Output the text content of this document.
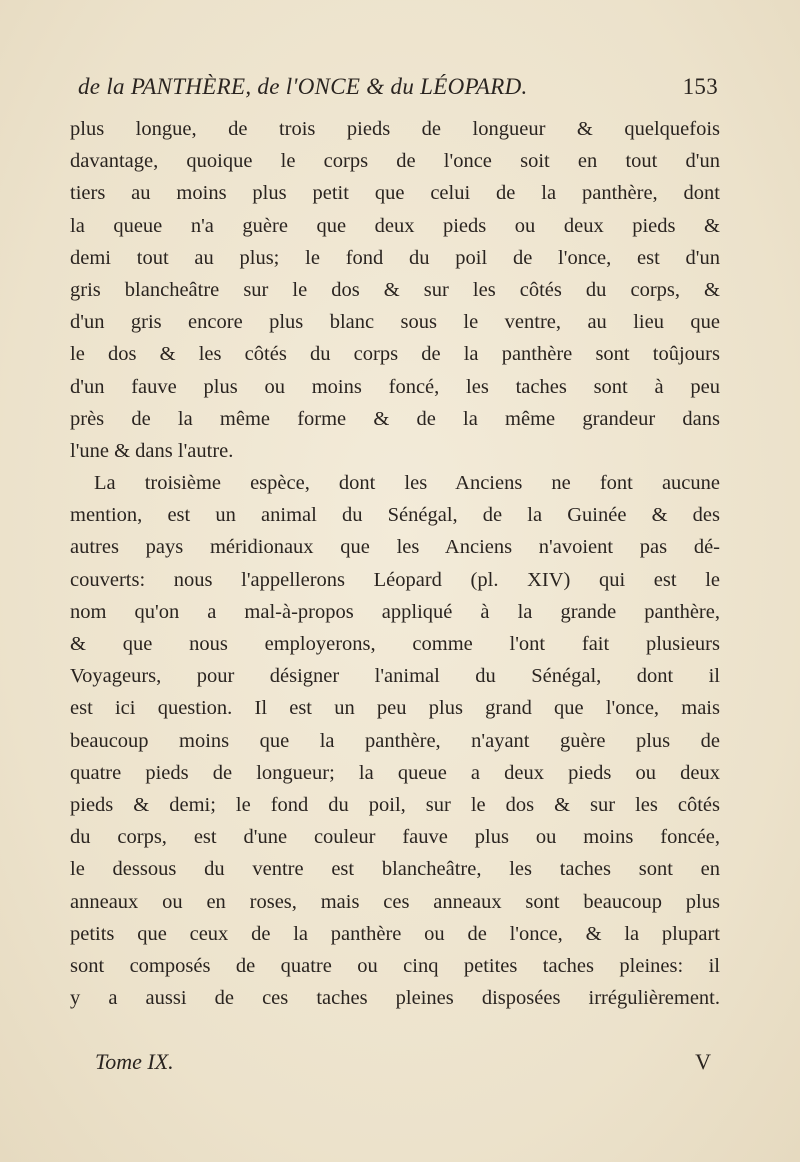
de la PANTHÈRE, de l'ONCE & du LÉOPARD.	153
plus longue, de trois pieds de longueur & quelquefois
davantage, quoique le corps de l'once soit en tout d'un
tiers au moins plus petit que celui de la panthère, dont
la queue n'a guère que deux pieds ou deux pieds &
demi tout au plus; le fond du poil de l'once, est d'un
gris blancheâtre sur le dos & sur les côtés du corps, &
d'un gris encore plus blanc sous le ventre, au lieu que
le dos & les côtés du corps de la panthère sont toûjours
d'un fauve plus ou moins foncé, les taches sont à peu
près de la même forme & de la même grandeur dans
l'une & dans l'autre.
La troisième espèce, dont les Anciens ne font aucune
mention, est un animal du Sénégal, de la Guinée & des
autres pays méridionaux que les Anciens n'avoient pas dé-
couverts: nous l'appellerons Léopard (pl. XIV) qui est le
nom qu'on a mal-à-propos appliqué à la grande panthère,
& que nous employerons, comme l'ont fait plusieurs
Voyageurs, pour désigner l'animal du Sénégal, dont il
est ici question. Il est un peu plus grand que l'once, mais
beaucoup moins que la panthère, n'ayant guère plus de
quatre pieds de longueur; la queue a deux pieds ou deux
pieds & demi; le fond du poil, sur le dos & sur les côtés
du corps, est d'une couleur fauve plus ou moins foncée,
le dessous du ventre est blancheâtre, les taches sont en
anneaux ou en roses, mais ces anneaux sont beaucoup plus
petits que ceux de la panthère ou de l'once, & la plupart
sont composés de quatre ou cinq petites taches pleines: il
y a aussi de ces taches pleines disposées irrégulièrement.
Tome IX.	V
